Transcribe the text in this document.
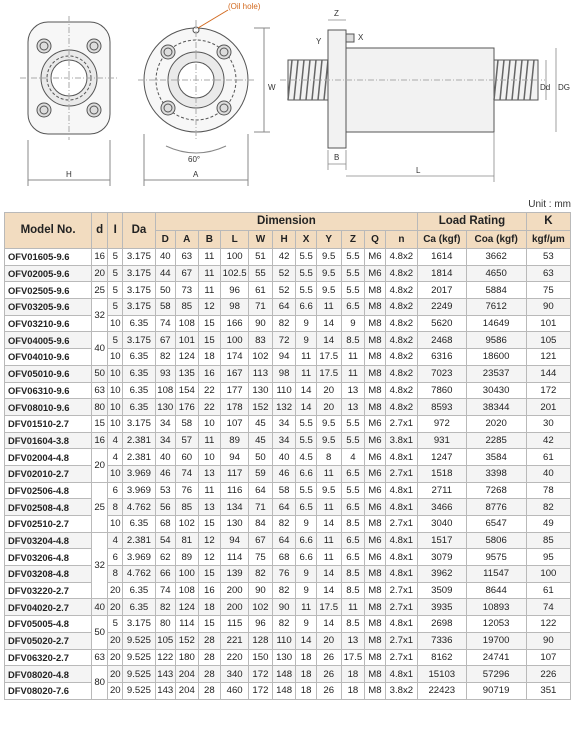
H
(Oil hole)
60°
A
W
Z
Y	X
B
L
Dd DG
Unit : mm
Model No.	d	I	Da	Dimension											Load Rating		K
				D	A	B	L	W	H	X	Y	Z	Q	n	Ca (kgf)	Coa (kgf)	kgf/μm
OFV01605-9.6	16	5	3.175	40	63	11	100	51	42	5.5	9.5	5.5	M6	4.8x2	1614	3662	53
OFV02005-9.6	20	5	3.175	44	67	11	102.5	55	52	5.5	9.5	5.5	M6	4.8x2	1814	4650	63
OFV02505-9.6	25	5	3.175	50	73	11	96	61	52	5.5	9.5	5.5	M8	4.8x2	2017	5884	75
OFV03205-9.6	32	5	3.175	58	85	12	98	71	64	6.6	11	6.5	M8	4.8x2	2249	7612	90
OFV03210-9.6		10	6.35	74	108	15	166	90	82	9	14	9	M8	4.8x2	5620	14649	101
OFV04005-9.6	40	5	3.175	67	101	15	100	83	72	9	14	8.5	M8	4.8x2	2468	9586	105
OFV04010-9.6		10	6.35	82	124	18	174	102	94	11	17.5	11	M8	4.8x2	6316	18600	121
OFV05010-9.6	50	10	6.35	93	135	16	167	113	98	11	17.5	11	M8	4.8x2	7023	23537	144
OFV06310-9.6	63	10	6.35	108	154	22	177	130	110	14	20	13	M8	4.8x2	7860	30430	172
OFV08010-9.6	80	10	6.35	130	176	22	178	152	132	14	20	13	M8	4.8x2	8593	38344	201
DFV01510-2.7	15	10	3.175	34	58	10	107	45	34	5.5	9.5	5.5	M6	2.7x1	972	2020	30
DFV01604-3.8	16	4	2.381	34	57	11	89	45	34	5.5	9.5	5.5	M6	3.8x1	931	2285	42
DFV02004-4.8	20	4	2.381	40	60	10	94	50	40	4.5	8	4	M6	4.8x1	1247	3584	61
DFV02010-2.7		10	3.969	46	74	13	117	59	46	6.6	11	6.5	M6	2.7x1	1518	3398	40
DFV02506-4.8	25	6	3.969	53	76	11	116	64	58	5.5	9.5	5.5	M6	4.8x1	2711	7268	78
DFV02508-4.8		8	4.762	56	85	13	134	71	64	6.5	11	6.5	M6	4.8x1	3466	8776	82
DFV02510-2.7		10	6.35	68	102	15	130	84	82	9	14	8.5	M8	2.7x1	3040	6547	49
DFV03204-4.8	32	4	2.381	54	81	12	94	67	64	6.6	11	6.5	M6	4.8x1	1517	5806	85
DFV03206-4.8		6	3.969	62	89	12	114	75	68	6.6	11	6.5	M6	4.8x1	3079	9575	95
DFV03208-4.8		8	4.762	66	100	15	139	82	76	9	14	8.5	M8	4.8x1	3962	11547	100
DFV03220-2.7		20	6.35	74	108	16	200	90	82	9	14	8.5	M8	2.7x1	3509	8644	61
DFV04020-2.7	40	20	6.35	82	124	18	200	102	90	11	17.5	11	M8	2.7x1	3935	10893	74
DFV05005-4.8	50	5	3.175	80	114	15	115	96	82	9	14	8.5	M8	4.8x1	2698	12053	122
DFV05020-2.7		20	9.525	105	152	28	221	128	110	14	20	13	M8	2.7x1	7336	19700	90
DFV06320-2.7	63	20	9.525	122	180	28	220	150	130	18	26	17.5	M8	2.7x1	8162	24741	107
DFV08020-4.8	80	20	9.525	143	204	28	340	172	148	18	26	18	M8	4.8x1	15103	57296	226
DFV08020-7.6		20	9.525	143	204	28	460	172	148	18	26	18	M8	3.8x2	22423	90719	351
